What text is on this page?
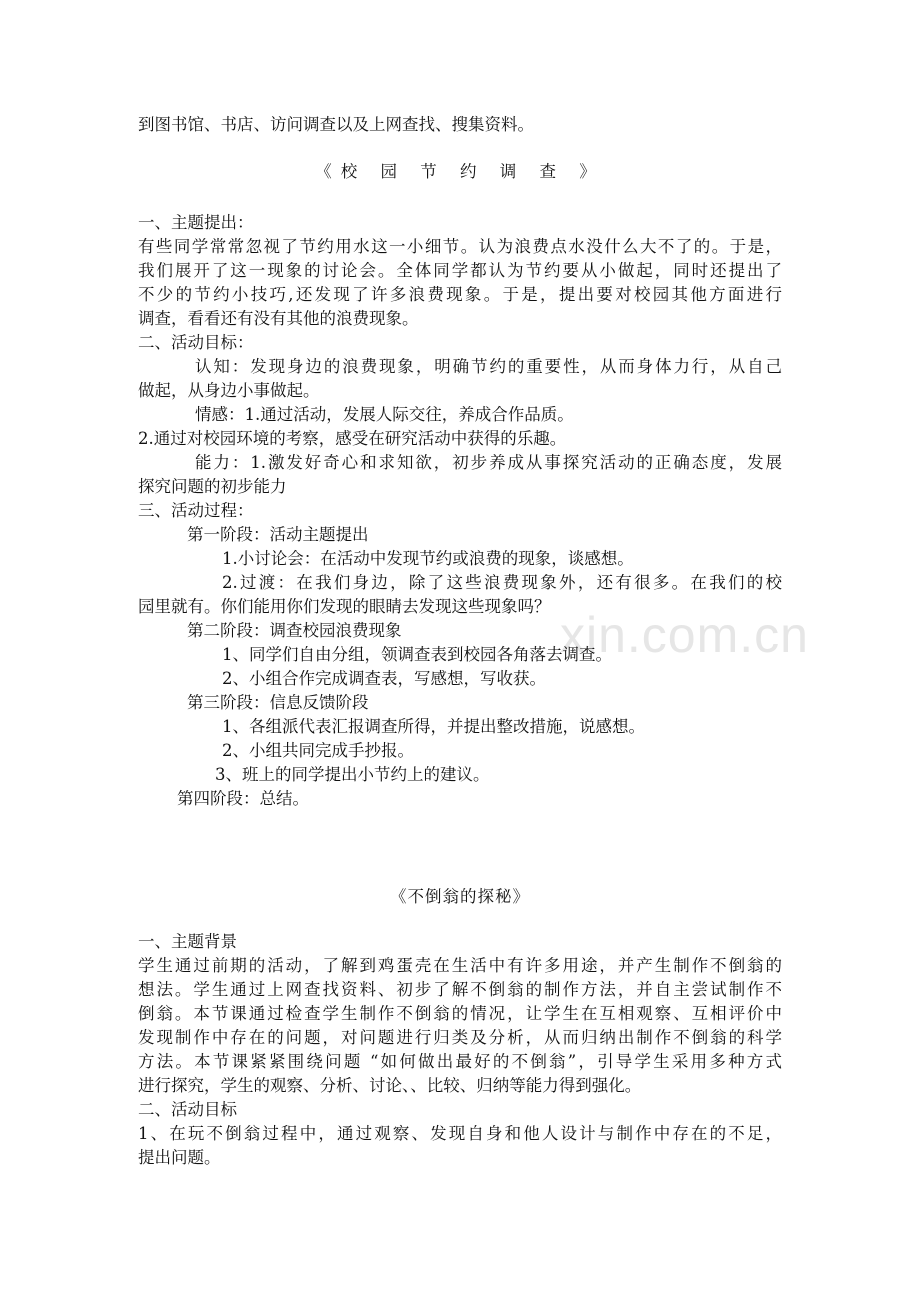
xin.com.cn
到图书馆、书店、访问调查以及上网查找、搜集资料。
《校 园 节 约 调 查 》
一、主题提出：
有些同学常常忽视了节约用水这一小细节。认为浪费点水没什么大不了的。于是，
我们展开了这一现象的讨论会。全体同学都认为节约要从小做起，同时还提出了
不少的节约小技巧,还发现了许多浪费现象。于是，提出要对校园其他方面进行
调查，看看还有没有其他的浪费现象。
二、活动目标：
认知：发现身边的浪费现象，明确节约的重要性，从而身体力行，从自己
做起，从身边小事做起。
情感：1.通过活动，发展人际交往，养成合作品质。
2.通过对校园环境的考察，感受在研究活动中获得的乐趣。
能力：1.激发好奇心和求知欲，初步养成从事探究活动的正确态度，发展
探究问题的初步能力
三、活动过程：
第一阶段：活动主题提出
1.小讨论会：在活动中发现节约或浪费的现象，谈感想。
2.过渡：在我们身边，除了这些浪费现象外，还有很多。在我们的校
园里就有。你们能用你们发现的眼睛去发现这些现象吗？
第二阶段：调查校园浪费现象
1、同学们自由分组，领调查表到校园各角落去调查。
2、小组合作完成调查表，写感想，写收获。
第三阶段：信息反馈阶段
1、各组派代表汇报调查所得，并提出整改措施，说感想。
2、小组共同完成手抄报。
3、班上的同学提出小节约上的建议。
第四阶段：总结。
《不倒翁的探秘》
一、主题背景
学生通过前期的活动，了解到鸡蛋壳在生活中有许多用途，并产生制作不倒翁的
想法。学生通过上网查找资料、初步了解不倒翁的制作方法，并自主尝试制作不
倒翁。本节课通过检查学生制作不倒翁的情况，让学生在互相观察、互相评价中
发现制作中存在的问题，对问题进行归类及分析，从而归纳出制作不倒翁的科学
方法。本节课紧紧围绕问题 “如何做出最好的不倒翁”，引导学生采用多种方式
进行探究，学生的观察、分析、讨论、、比较、归纳等能力得到强化。
二、活动目标
1、在玩不倒翁过程中，通过观察、发现自身和他人设计与制作中存在的不足，
提出问题。
